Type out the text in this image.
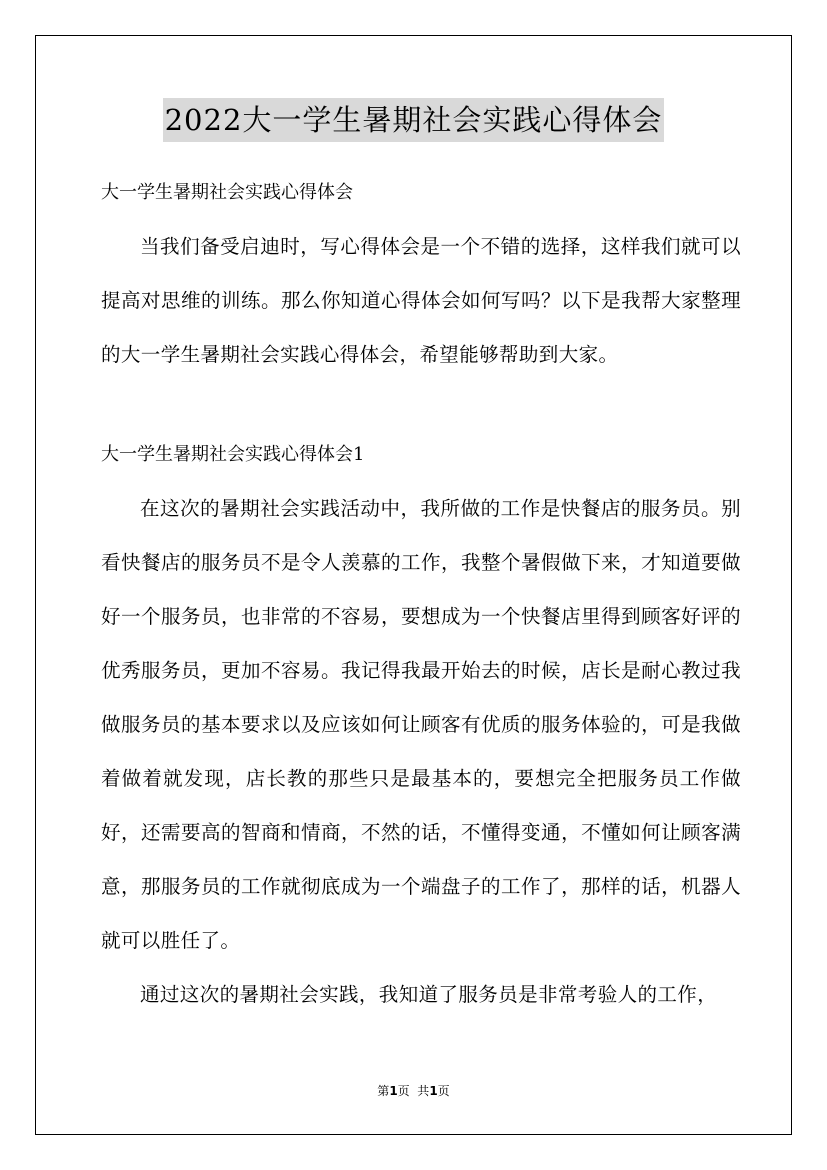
2022大一学生暑期社会实践心得体会

大一学生暑期社会实践心得体会

当我们备受启迪时，写心得体会是一个不错的选择，这样我们就可以提高对思维的训练。那么你知道心得体会如何写吗？以下是我帮大家整理的大一学生暑期社会实践心得体会，希望能够帮助到大家。

大一学生暑期社会实践心得体会1

在这次的暑期社会实践活动中，我所做的工作是快餐店的服务员。别看快餐店的服务员不是令人羡慕的工作，我整个暑假做下来，才知道要做好一个服务员，也非常的不容易，要想成为一个快餐店里得到顾客好评的优秀服务员，更加不容易。我记得我最开始去的时候，店长是耐心教过我做服务员的基本要求以及应该如何让顾客有优质的服务体验的，可是我做着做着就发现，店长教的那些只是最基本的，要想完全把服务员工作做好，还需要高的智商和情商，不然的话，不懂得变通，不懂如何让顾客满意，那服务员的工作就彻底成为一个端盘子的工作了，那样的话，机器人就可以胜任了。

通过这次的暑期社会实践，我知道了服务员是非常考验人的工作，

第1页  共1页
